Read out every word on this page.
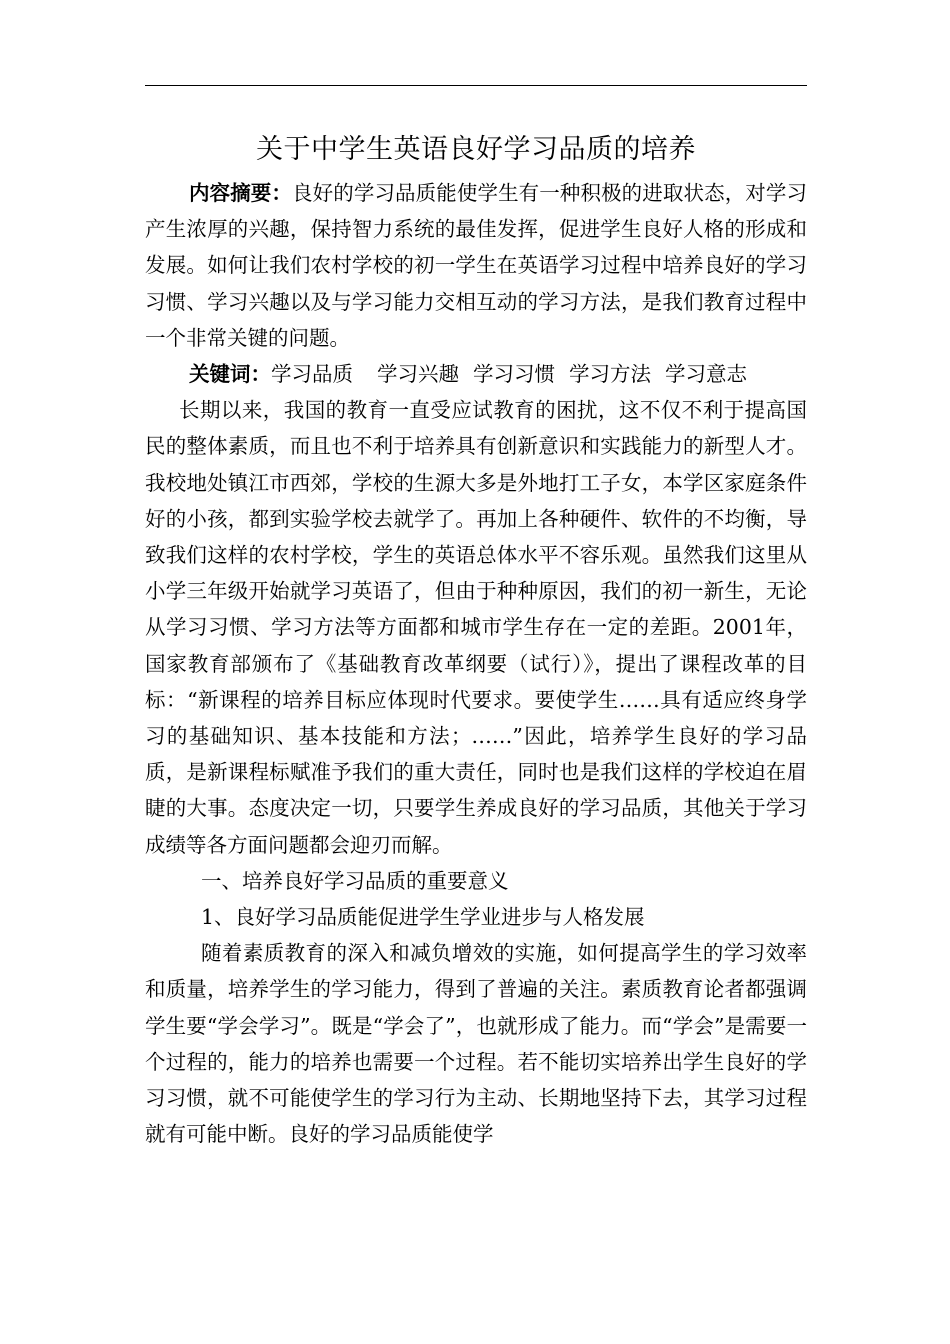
关于中学生英语良好学习品质的培养

内容摘要：良好的学习品质能使学生有一种积极的进取状态，对学习产生浓厚的兴趣，保持智力系统的最佳发挥，促进学生良好人格的形成和发展。如何让我们农村学校的初一学生在英语学习过程中培养良好的学习习惯、学习兴趣以及与学习能力交相互动的学习方法，是我们教育过程中一个非常关键的问题。

关键词：学习品质 学习兴趣 学习习惯 学习方法 学习意志

长期以来，我国的教育一直受应试教育的困扰，这不仅不利于提高国民的整体素质，而且也不利于培养具有创新意识和实践能力的新型人才。我校地处镇江市西郊，学校的生源大多是外地打工子女，本学区家庭条件好的小孩，都到实验学校去就学了。再加上各种硬件、软件的不均衡，导致我们这样的农村学校，学生的英语总体水平不容乐观。虽然我们这里从小学三年级开始就学习英语了，但由于种种原因，我们的初一新生，无论从学习习惯、学习方法等方面都和城市学生存在一定的差距。2001年，国家教育部颁布了《基础教育改革纲要（试行）》，提出了课程改革的目标：“新课程的培养目标应体现时代要求。要使学生……具有适应终身学习的基础知识、基本技能和方法；……”因此，培养学生良好的学习品质，是新课程标赋准予我们的重大责任，同时也是我们这样的学校迫在眉睫的大事。态度决定一切，只要学生养成良好的学习品质，其他关于学习成绩等各方面问题都会迎刃而解。

一、培养良好学习品质的重要意义

1、良好学习品质能促进学生学业进步与人格发展

随着素质教育的深入和减负增效的实施，如何提高学生的学习效率和质量，培养学生的学习能力，得到了普遍的关注。素质教育论者都强调学生要“学会学习”。既是“学会了”，也就形成了能力。而“学会”是需要一个过程的，能力的培养也需要一个过程。若不能切实培养出学生良好的学习习惯，就不可能使学生的学习行为主动、长期地坚持下去，其学习过程就有可能中断。良好的学习品质能使学
